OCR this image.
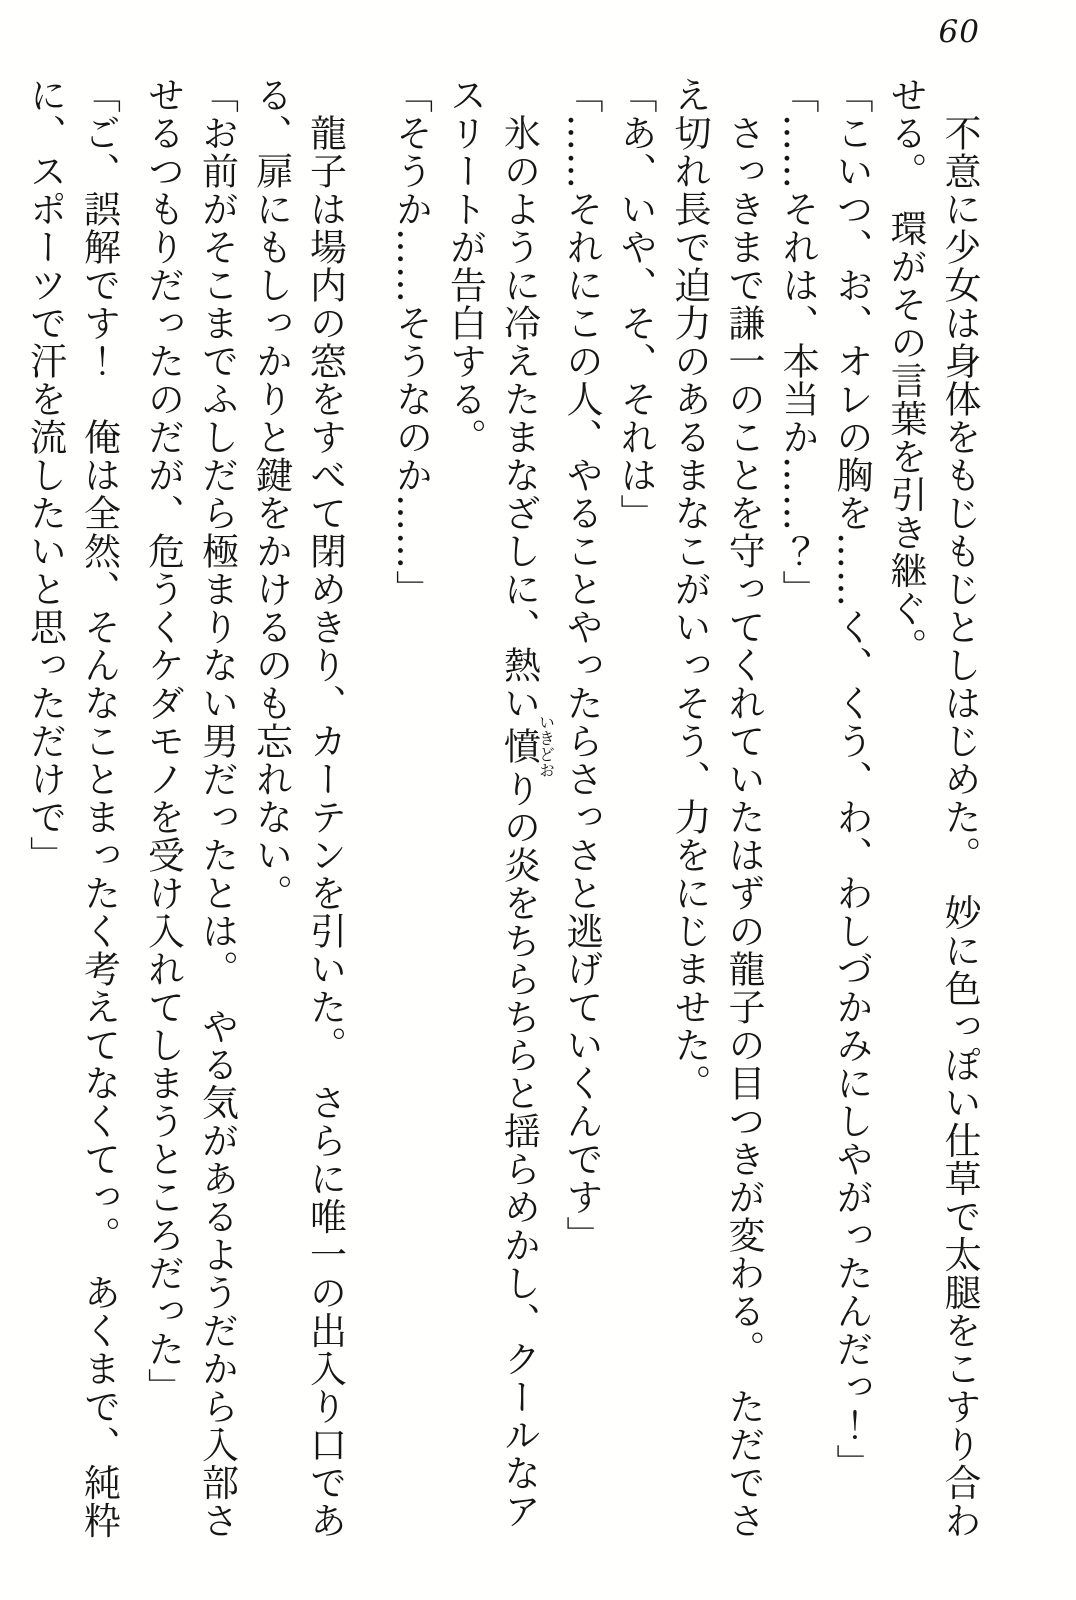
60

　不意に少女は身体をもじもじとしはじめた。　妙に色っぽい仕草で太腿をこすり合わ

せる。　環がその言葉を引き継ぐ。

「こいつ、お、オレの胸を……く、くう、わ、わしづかみにしやがったんだっ！」

「……それは、本当か……？」

　さっきまで謙一のことを守ってくれていたはずの龍子の目つきが変わる。　ただでさ

え切れ長で迫力のあるまなこがいっそう、力をにじませた。

「あ、いや、そ、それは」

「……それにこの人、やることやったらさっさと逃げていくんです」

　氷のように冷えたまなざしに、熱い憤いきどおりの炎をちらちらと揺らめかし、クールなア

スリートが告白する。

「そうか……そうなのか……」

　龍子は場内の窓をすべて閉めきり、カーテンを引いた。　さらに唯一の出入り口であ

る、扉にもしっかりと鍵をかけるのも忘れない。

「お前がそこまでふしだら極まりない男だったとは。　やる気があるようだから入部さ

せるつもりだったのだが、危うくケダモノを受け入れてしまうところだった」

「ご、誤解です！　俺は全然、そんなことまったく考えてなくてっ。　あくまで、純粋

に、スポーツで汗を流したいと思っただけで」
